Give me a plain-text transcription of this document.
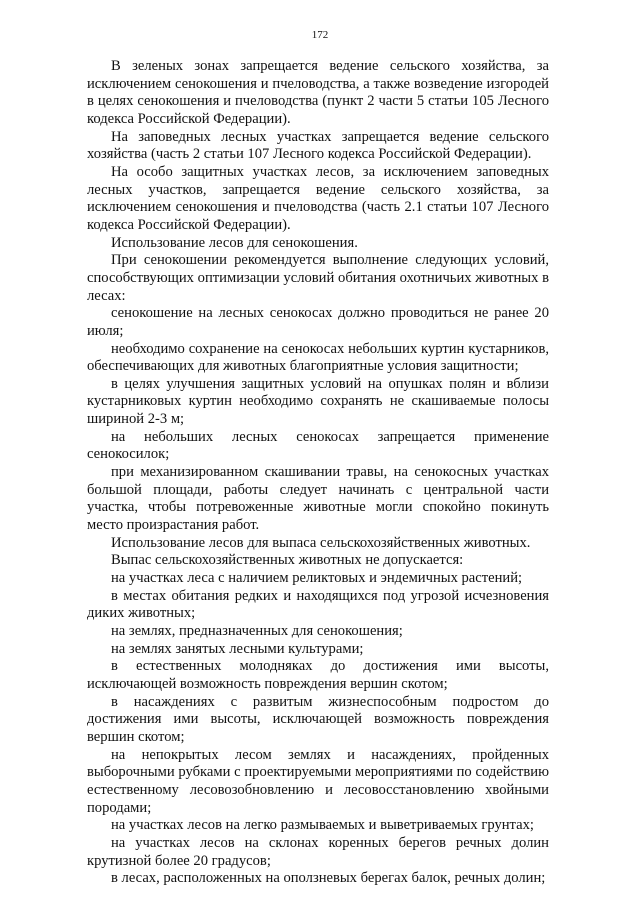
172

В зеленых зонах запрещается ведение сельского хозяйства, за исключением сенокошения и пчеловодства, а также возведение изгородей в целях сенокошения и пчеловодства (пункт 2 части 5 статьи 105 Лесного кодекса Российской Федерации).

На заповедных лесных участках запрещается ведение сельского хозяйства (часть 2 статьи 107 Лесного кодекса Российской Федерации).

На особо защитных участках лесов, за исключением заповедных лесных участков, запрещается ведение сельского хозяйства, за исключением сенокошения и пчеловодства (часть 2.1 статьи 107 Лесного кодекса Российской Федерации).

Использование лесов для сенокошения.

При сенокошении рекомендуется выполнение следующих условий, способствующих оптимизации условий обитания охотничьих животных в лесах:

сенокошение на лесных сенокосах должно проводиться не ранее 20 июля;

необходимо сохранение на сенокосах небольших куртин кустарников, обеспечивающих для животных благоприятные условия защитности;

в целях улучшения защитных условий на опушках полян и вблизи кустарниковых куртин необходимо сохранять не скашиваемые полосы шириной 2-3 м;

на небольших лесных сенокосах запрещается применение сенокосилок;

при механизированном скашивании травы, на сенокосных участках большой площади, работы следует начинать с центральной части участка, чтобы потревоженные животные могли спокойно покинуть место произрастания работ.

Использование лесов для выпаса сельскохозяйственных животных.

Выпас сельскохозяйственных животных не допускается:

на участках леса с наличием реликтовых и эндемичных растений;

в местах обитания редких и находящихся под угрозой исчезновения диких животных;

на землях, предназначенных для сенокошения;

на землях занятых лесными культурами;

в естественных молодняках до достижения ими высоты, исключающей возможность повреждения вершин скотом;

в насаждениях с развитым жизнеспособным подростом до достижения ими высоты, исключающей возможность повреждения вершин скотом;

на непокрытых лесом землях и насаждениях, пройденных выборочными рубками с проектируемыми мероприятиями по содействию естественному лесовозобновлению и лесовосстановлению хвойными породами;

на участках лесов на легко размываемых и выветриваемых грунтах;

на участках лесов на склонах коренных берегов речных долин крутизной более 20 градусов;

в лесах, расположенных на оползневых берегах балок, речных долин;
